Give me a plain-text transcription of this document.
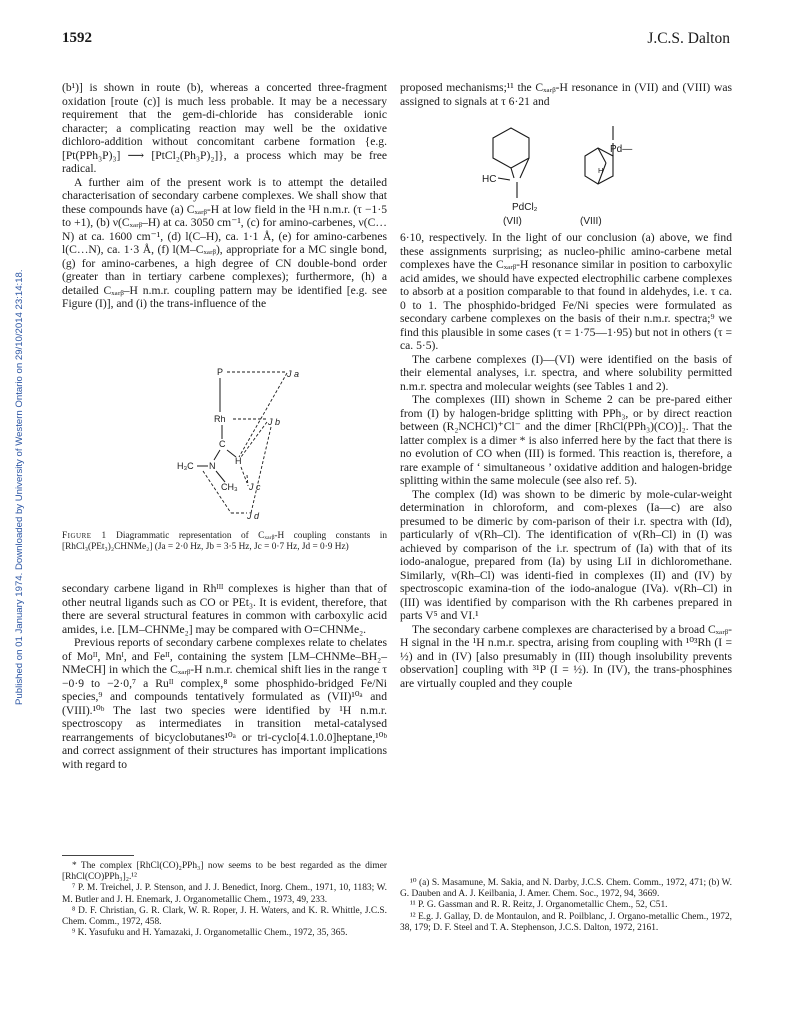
1592	J.C.S. Dalton
Published on 01 January 1974. Downloaded by University of Western Ontario on 29/10/2014 23:14:18.

(b¹)] is shown in route (b), whereas a concerted three-fragment oxidation [route (c)] is much less probable. It may be a necessary requirement that the gem-di-chloride has considerable ionic character; a complicating reaction may well be the oxidative dichloro-addition without concomitant carbene formation {e.g. [Pt(PPh₃P)₃] ⟶ [PtCl₂(Ph₃P)₂]}, a process which may be free radical.

A further aim of the present work is to attempt the detailed characterisation of secondary carbene complexes. We shall show that these compounds have (a) Cₓₐᵣᵦ-H at low field in the ¹H n.m.r. (τ −1·5 to +1), (b) ν(Cₓₐᵣᵦ–H) at ca. 3050 cm⁻¹, (c) for amino-carbenes, ν(C…N) at ca. 1600 cm⁻¹, (d) l(C–H), ca. 1·1 Å, (e) for amino-carbenes l(C…N), ca. 1·3 Å, (f) l(M–Cₓₐᵣᵦ), appropriate for a MC single bond, (g) for amino-carbenes, a high degree of CN double-bond order (greater than in tertiary carbene complexes); furthermore, (h) a detailed Cₓₐᵣᵦ–H n.m.r. coupling pattern may be identified [e.g. see Figure (I)], and (i) the trans-influence of the

P
Rh
C
N H
H₃C
CH₃
J a
J b
J c
J d
Figure 1 Diagrammatic representation of Cₓₐᵣᵦ-H coupling constants in [RhCl₃(PEt₃)₂CHNMe₂] (Ja = 2·0 Hz, Jb = 3·5 Hz, Jc = 0·7 Hz, Jd = 0·9 Hz)

secondary carbene ligand in Rhᴵᴵᴵ complexes is higher than that of other neutral ligands such as CO or PEt₃. It is evident, therefore, that there are several structural features in common with carboxylic acid amides, i.e. [LM–CHNMe₂] may be compared with O=CHNMe₂.

Previous reports of secondary carbene complexes relate to chelates of Moᴵᴵ, Mnᴵ, and Feᴵᴵ, containing the system [LM–CHNMe–BH₂–NMeCH] in which the Cₓₐᵣᵦ-H n.m.r. chemical shift lies in the range τ −0·9 to −2·0,⁷ a Ruᴵᴵ complex,⁸ some phosphido-bridged Fe/Ni species,⁹ and compounds tentatively formulated as (VII)¹⁰ᵃ and (VIII).¹⁰ᵇ The last two species were identified by ¹H n.m.r. spectroscopy as intermediates in transition metal-catalysed rearrangements of bicyclobutanes¹⁰ᵃ or tri-cyclo[4.1.0.0]heptane,¹⁰ᵇ and correct assignment of their structures has important implications with regard to

proposed mechanisms;¹¹ the Cₓₐᵣᵦ-H resonance in (VII) and (VIII) was assigned to signals at τ 6·21 and

HC
PdCl₂
Pd—
H
(VII)	(VIII)

6·10, respectively. In the light of our conclusion (a) above, we find these assignments surprising; as nucleo-philic amino-carbene metal complexes have the Cₓₐᵣᵦ-H resonance similar in position to carboxylic acid amides, we should have expected electrophilic carbene complexes to absorb at a position comparable to that found in aldehydes, i.e. τ ca. 0 to 1. The phosphido-bridged Fe/Ni species were formulated as secondary carbene complexes on the basis of their n.m.r. spectra;⁹ we find this plausible in some cases (τ = 1·75—1·95) but not in others (τ = ca. 5·5).

The carbene complexes (I)—(VI) were identified on the basis of their elemental analyses, i.r. spectra, and where solubility permitted n.m.r. spectra and molecular weights (see Tables 1 and 2).

The complexes (III) shown in Scheme 2 can be pre-pared either from (I) by halogen-bridge splitting with PPh₃, or by direct reaction between (R₂NCHCl)⁺Cl⁻ and the dimer [RhCl(PPh₃)(CO)]₂. That the latter complex is a dimer * is also inferred here by the fact that there is no evolution of CO when (III) is formed. This reaction is, therefore, a rare example of ‘ simultaneous ’ oxidative addition and halogen-bridge splitting within the same molecule (see also ref. 5).

The complex (Id) was shown to be dimeric by mole-cular-weight determination in chloroform, and com-plexes (Ia—c) are also presumed to be dimeric by com-parison of their i.r. spectra with (Id), particularly of ν(Rh–Cl). The identification of ν(Rh–Cl) in (I) was achieved by comparison of the i.r. spectrum of (Ia) with that of its iodo-analogue, prepared from (Ia) by using LiI in dichloromethane. Similarly, ν(Rh–Cl) was identi-fied in complexes (II) and (IV) by spectroscopic examina-tion of the iodo-analogue (IVa). ν(Rh–Cl) in (III) was identified by comparison with the Rh carbenes prepared in parts V⁵ and VI.¹

The secondary carbene complexes are characterised by a broad Cₓₐᵣᵦ-H signal in the ¹H n.m.r. spectra, arising from coupling with ¹⁰³Rh (I = ½) and in (IV) [also presumably in (III) though insolubility prevents observation] coupling with ³¹P (I = ½). In (IV), the trans-phosphines are virtually coupled and they couple

* The complex [RhCl(CO)₂PPh₃] now seems to be best regarded as the dimer [RhCl(CO)PPh₃]₂.¹²

⁷ P. M. Treichel, J. P. Stenson, and J. J. Benedict, Inorg. Chem., 1971, 10, 1183; W. M. Butler and J. H. Enemark, J. Organometallic Chem., 1973, 49, 233.

⁸ D. F. Christian, G. R. Clark, W. R. Roper, J. H. Waters, and K. R. Whittle, J.C.S. Chem. Comm., 1972, 458.

⁹ K. Yasufuku and H. Yamazaki, J. Organometallic Chem., 1972, 35, 365.

¹⁰ (a) S. Masamune, M. Sakia, and N. Darby, J.C.S. Chem. Comm., 1972, 471; (b) W. G. Dauben and A. J. Keilbania, J. Amer. Chem. Soc., 1972, 94, 3669.

¹¹ P. G. Gassman and R. R. Reitz, J. Organometallic Chem., 52, C51.

¹² E.g. J. Gallay, D. de Montaulon, and R. Poilblanc, J. Organo-metallic Chem., 1972, 38, 179; D. F. Steel and T. A. Stephenson, J.C.S. Dalton, 1972, 2161.
